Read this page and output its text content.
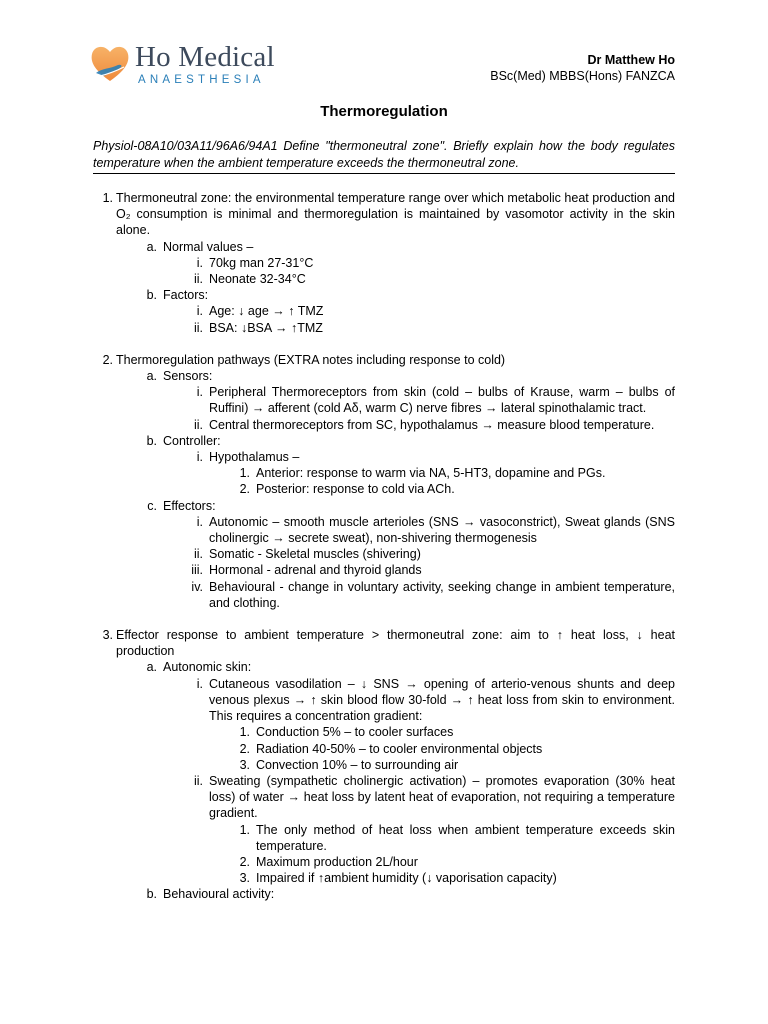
Ho Medical
ANAESTHESIA
Dr Matthew Ho
BSc(Med) MBBS(Hons) FANZCA
Thermoregulation
Physiol-08A10/03A11/96A6/94A1 Define "thermoneutral zone". Briefly explain how the body regulates temperature when the ambient temperature exceeds the thermoneutral zone.
1. Thermoneutral zone: the environmental temperature range over which metabolic heat production and O₂ consumption is minimal and thermoregulation is maintained by vasomotor activity in the skin alone.
a. Normal values –
i. 70kg man 27-31°C
ii. Neonate 32-34°C
b. Factors:
i. Age: ↓ age → ↑ TMZ
ii. BSA: ↓BSA → ↑TMZ
2. Thermoregulation pathways (EXTRA notes including response to cold)
a. Sensors:
i. Peripheral Thermoreceptors from skin (cold – bulbs of Krause, warm – bulbs of Ruffini) → afferent (cold Aδ, warm C) nerve fibres → lateral spinothalamic tract.
ii. Central thermoreceptors from SC, hypothalamus → measure blood temperature.
b. Controller:
i. Hypothalamus –
1. Anterior: response to warm via NA, 5-HT3, dopamine and PGs.
2. Posterior: response to cold via ACh.
c. Effectors:
i. Autonomic – smooth muscle arterioles (SNS → vasoconstrict), Sweat glands (SNS cholinergic → secrete sweat), non-shivering thermogenesis
ii. Somatic - Skeletal muscles (shivering)
iii. Hormonal - adrenal and thyroid glands
iv. Behavioural - change in voluntary activity, seeking change in ambient temperature, and clothing.
3. Effector response to ambient temperature > thermoneutral zone: aim to ↑ heat loss, ↓ heat production
a. Autonomic skin:
i. Cutaneous vasodilation – ↓ SNS → opening of arterio-venous shunts and deep venous plexus → ↑ skin blood flow 30-fold → ↑ heat loss from skin to environment. This requires a concentration gradient:
1. Conduction 5% – to cooler surfaces
2. Radiation 40-50% – to cooler environmental objects
3. Convection 10% – to surrounding air
ii. Sweating (sympathetic cholinergic activation) – promotes evaporation (30% heat loss) of water → heat loss by latent heat of evaporation, not requiring a temperature gradient.
1. The only method of heat loss when ambient temperature exceeds skin temperature.
2. Maximum production 2L/hour
3. Impaired if ↑ambient humidity (↓ vaporisation capacity)
b. Behavioural activity:
